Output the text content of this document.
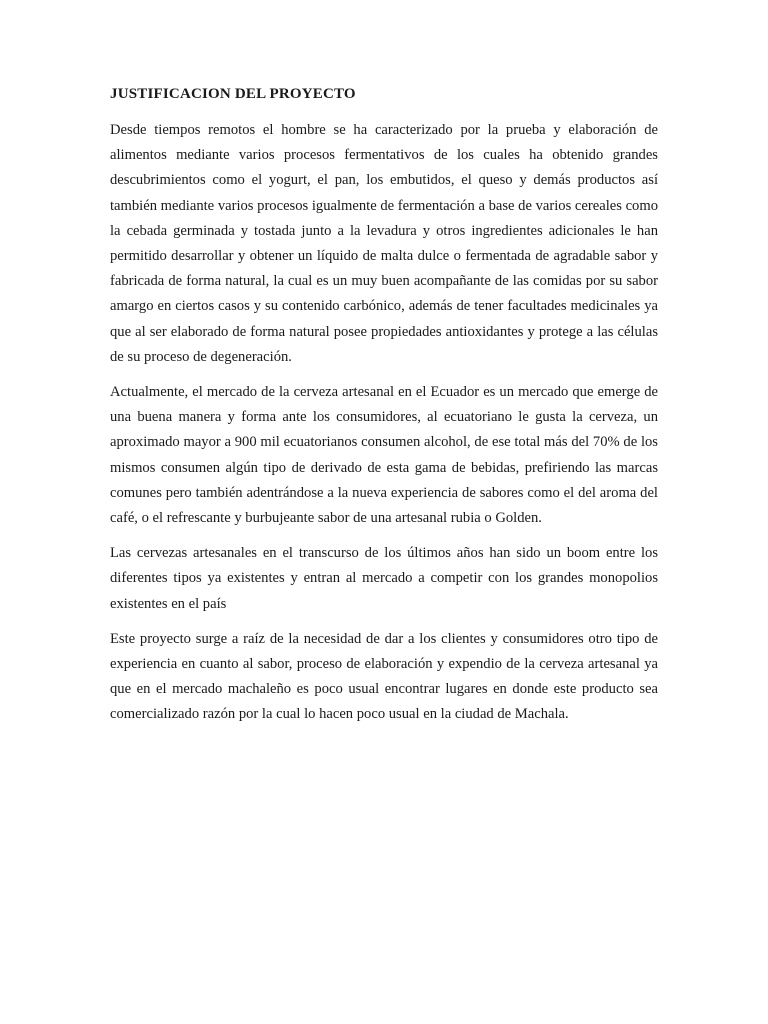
JUSTIFICACION DEL PROYECTO

Desde tiempos remotos el hombre se ha caracterizado por la prueba y elaboración de alimentos mediante varios procesos fermentativos de los cuales ha obtenido grandes descubrimientos como el yogurt, el pan, los embutidos, el queso y demás productos así también mediante varios procesos igualmente de fermentación a base de varios cereales como la cebada germinada y tostada junto a la levadura y otros ingredientes adicionales le han permitido desarrollar y obtener un líquido de malta dulce o fermentada de agradable sabor y fabricada de forma natural, la cual es un muy buen acompañante de las comidas por su sabor amargo en ciertos casos y su contenido carbónico, además de tener facultades medicinales ya que al ser elaborado de forma natural posee propiedades antioxidantes y protege a las células de su proceso de degeneración.

Actualmente, el mercado de la cerveza artesanal en el Ecuador es un mercado que emerge de una buena manera y forma ante los consumidores, al ecuatoriano le gusta la cerveza, un aproximado mayor a 900 mil ecuatorianos consumen alcohol, de ese total más del 70% de los mismos consumen algún tipo de derivado de esta gama de bebidas, prefiriendo las marcas comunes pero también adentrándose a la nueva experiencia de sabores como el del aroma del café, o el refrescante y burbujeante sabor de una artesanal rubia o Golden.

Las cervezas artesanales en el transcurso de los últimos años han sido un boom entre los diferentes tipos ya existentes y entran al mercado a competir con los grandes monopolios existentes en el país

Este proyecto surge a raíz de la necesidad de dar a los clientes y consumidores otro tipo de experiencia en cuanto al sabor, proceso de elaboración y expendio de la cerveza artesanal ya que en el mercado machaleño es poco usual encontrar lugares en donde este producto sea comercializado razón por la cual lo hacen poco usual en la ciudad de Machala.
